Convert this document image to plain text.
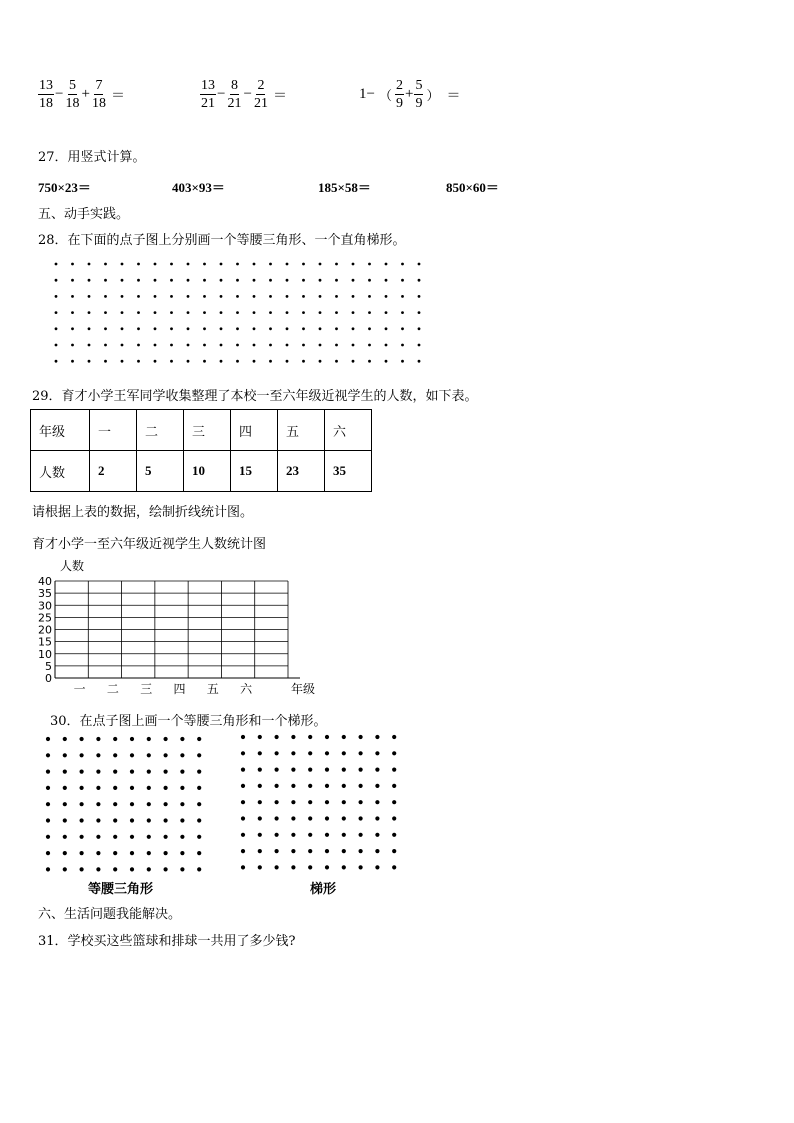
$\frac{13}{18} - \frac{5}{18} + \frac{7}{18}$ ＝	$\frac{13}{21} - \frac{8}{21} - \frac{2}{21}$ ＝	1− （ $\frac{2}{9} + \frac{5}{9}$ ） ＝
27．用竖式计算。
750×23＝	403×93＝	185×58＝	850×60＝
五、动手实践。
28．在下面的点子图上分别画一个等腰三角形、一个直角梯形。
29．育才小学王军同学收集整理了本校一至六年级近视学生的人数，如下表。
年级	一	二	三	四	五	六
人数	2	5	10	15	23	35
请根据上表的数据，绘制折线统计图。
育才小学一至六年级近视学生人数统计图
人数
年级
0
5
10
15
20
25
30
35
40
一 二 三 四 五 六
30．在点子图上画一个等腰三角形和一个梯形。
等腰三角形	梯形
六、生活问题我能解决。
31．学校买这些篮球和排球一共用了多少钱?
